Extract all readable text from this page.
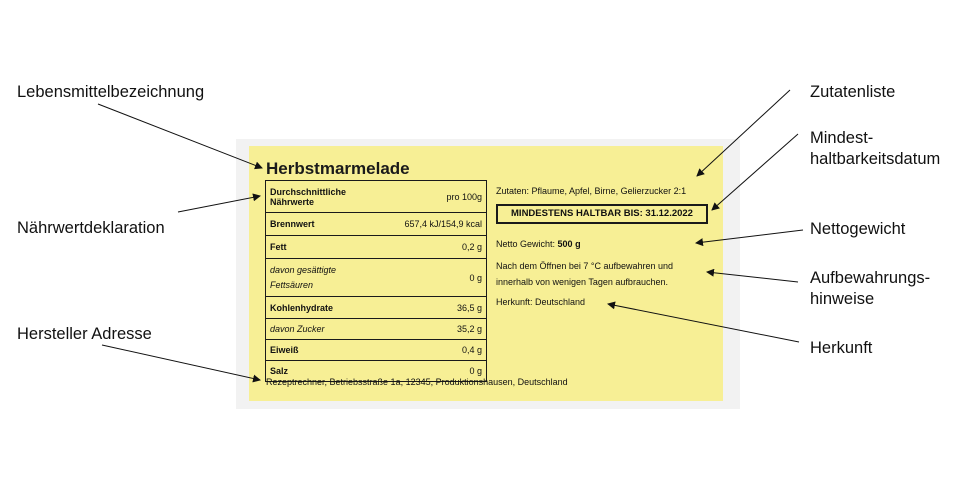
Herbstmarmelade
Durchschnittliche
Nährwerte	pro 100g
Brennwert	657,4 kJ/154,9 kcal
Fett	0,2 g

davon gesättigte
Fettsäuren	0 g
Kohlenhydrate	36,5 g
davon Zucker	35,2 g
Eiweiß	0,4 g
Salz	0 g
Zutaten: Pflaume, Apfel, Birne, Gelierzucker 2:1
MINDESTENS HALTBAR BIS: 31.12.2022
Netto Gewicht: 500 g
Nach dem Öffnen bei 7 °C aufbewahren und
innerhalb von wenigen Tagen aufbrauchen.
Herkunft: Deutschland
Rezeptrechner, Betriebsstraße 1a, 12345, Produktionshausen, Deutschland
Lebensmittelbezeichnung
Nährwertdeklaration
Hersteller Adresse
Zutatenliste
Mindest-
haltbarkeitsdatum
Nettogewicht
Aufbewahrungs-
hinweise
Herkunft
